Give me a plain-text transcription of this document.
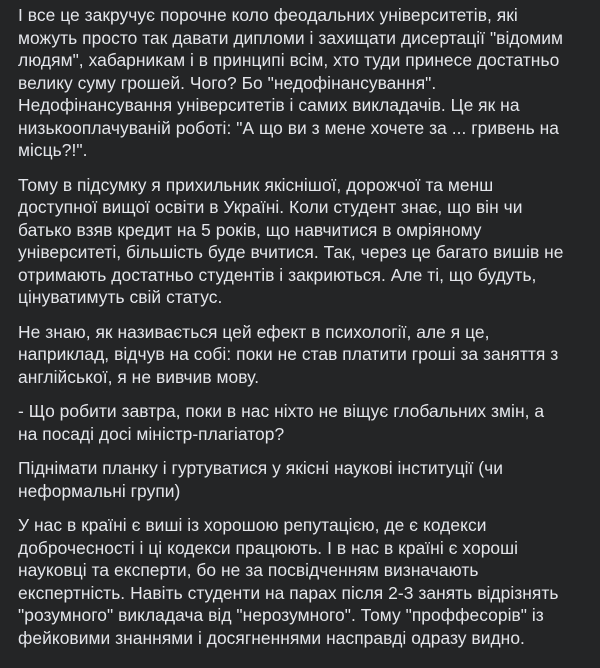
І все це закручує порочне коло феодальних університетів, які
можуть просто так давати дипломи і захищати дисертації "відомим
людям", хабарникам і в принципі всім, хто туди принесе достатньо
велику суму грошей. Чого? Бо "недофінансування".
Недофінансування університетів і самих викладачів. Це як на
низькооплачуваній роботі: "А що ви з мене хочете за ... гривень на
місць?!".

Тому в підсумку я прихильник якіснішої, дорожчої та менш
доступної вищої освіти в Україні. Коли студент знає, що він чи
батько взяв кредит на 5 років, що навчитися в омріяному
університеті, більшість буде вчитися. Так, через це багато вишів не
отримають достатньо студентів і закриються. Але ті, що будуть,
цінуватимуть свій статус.

Не знаю, як називається цей ефект в психології, але я це,
наприклад, відчув на собі: поки не став платити гроші за заняття з
англійської, я не вивчив мову.

- Що робити завтра, поки в нас ніхто не віщує глобальних змін, а
на посаді досі міністр-плагіатор?

Піднімати планку і гуртуватися у якісні наукові інституції (чи
неформальні групи)

У нас в країні є виші із хорошою репутацією, де є кодекси
доброчесності і ці кодекси працюють. І в нас в країні є хороші
науковці та експерти, бо не за посвідченням визначають
експертність. Навіть студенти на парах після 2-3 занять відрізнять
"розумного" викладача від "нерозумного". Тому "проффесорів" із
фейковими знаннями і досягненнями насправді одразу видно.
